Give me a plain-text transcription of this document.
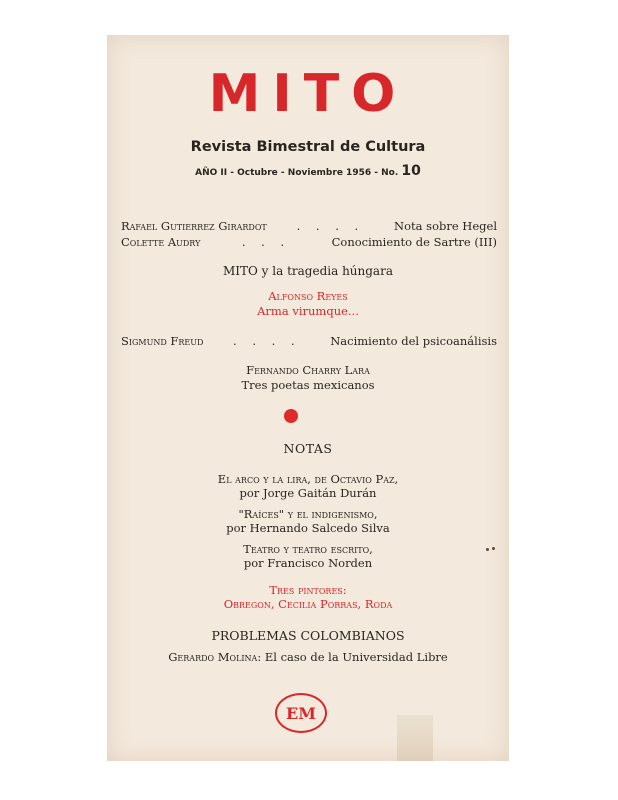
MITO
Revista Bimestral de Cultura
AÑO II - Octubre - Noviembre 1956 - No. 10
Rafael Gutierrez Girardot	. . . .	Nota sobre Hegel
Colette Audry	. . .	Conocimiento de Sartre (III)
MITO y la tragedia húngara
Alfonso Reyes
Arma virumque...
Sigmund Freud	. . . .	Nacimiento del psicoanálisis
Fernando Charry Lara
Tres poetas mexicanos
NOTAS
El arco y la lira, de Octavio Paz,
por Jorge Gaitán Durán
"Raíces" y el indigenismo,
por Hernando Salcedo Silva
Teatro y teatro escrito,
por Francisco Norden
Tres pintores:
Obregon, Cecilia Porras, Roda
PROBLEMAS COLOMBIANOS
Gerardo Molina: El caso de la Universidad Libre
EM
